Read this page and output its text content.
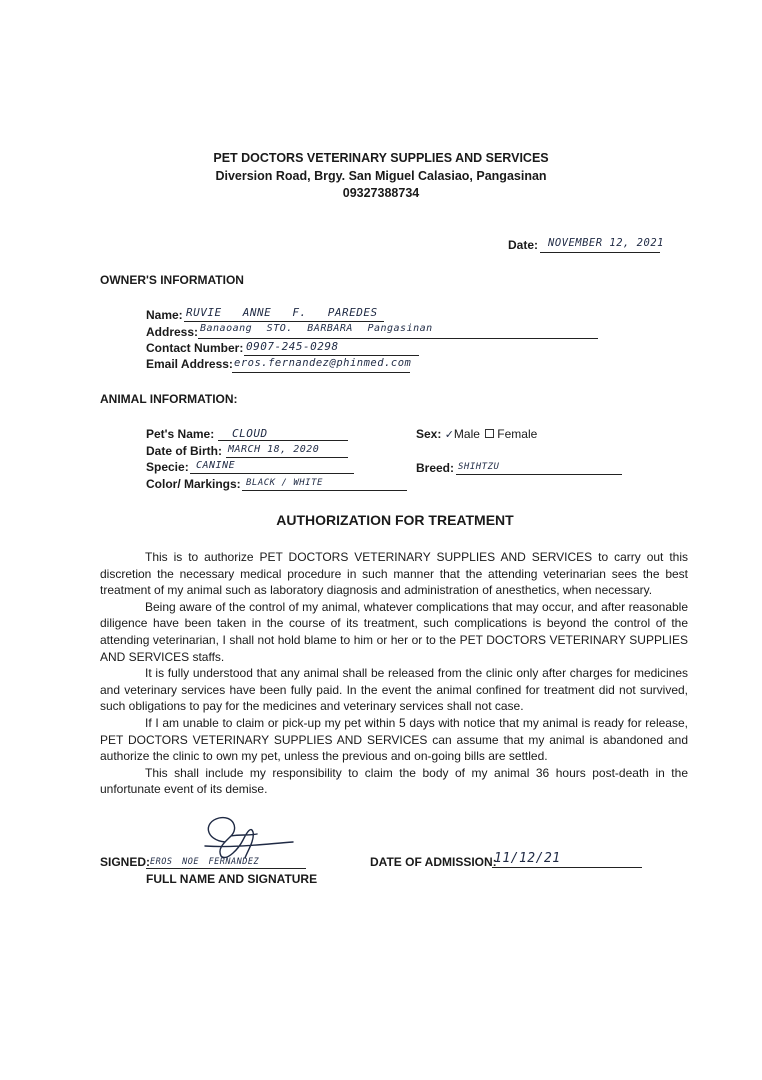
PET DOCTORS VETERINARY SUPPLIES AND SERVICES
Diversion Road, Brgy. San Miguel Calasiao, Pangasinan
09327388734
Date: NOVEMBER 12, 2021
OWNER'S INFORMATION
Name: RUVIE ANNE F. PAREDES
Address: Banaoang STO. BARBARA Pangasinan
Contact Number: 0907-245-0298
Email Address: eros.fernandez@phinmed.com
ANIMAL INFORMATION:
Pet's Name: CLOUD
Date of Birth: MARCH 18, 2020
Specie: CANINE
Color/ Markings: BLACK / WHITE
Sex: ✓Male Female
Breed: SHIHTZU
AUTHORIZATION FOR TREATMENT

This is to authorize PET DOCTORS VETERINARY SUPPLIES AND SERVICES to carry out this discretion the necessary medical procedure in such manner that the attending veterinarian sees the best treatment of my animal such as laboratory diagnosis and administration of anesthetics, when necessary.

Being aware of the control of my animal, whatever complications that may occur, and after reasonable diligence have been taken in the course of its treatment, such complications is beyond the control of the attending veterinarian, I shall not hold blame to him or her or to the PET DOCTORS VETERINARY SUPPLIES AND SERVICES staffs.

It is fully understood that any animal shall be released from the clinic only after charges for medicines and veterinary services have been fully paid. In the event the animal confined for treatment did not survived, such obligations to pay for the medicines and veterinary services shall not case.

If I am unable to claim or pick-up my pet within 5 days with notice that my animal is ready for release, PET DOCTORS VETERINARY SUPPLIES AND SERVICES can assume that my animal is abandoned and authorize the clinic to own my pet, unless the previous and on-going bills are settled.

This shall include my responsibility to claim the body of my animal 36 hours post-death in the unfortunate event of its demise.

SIGNED: EROS NOE FERNANDEZ
FULL NAME AND SIGNATURE
DATE OF ADMISSION:
11/12/21
